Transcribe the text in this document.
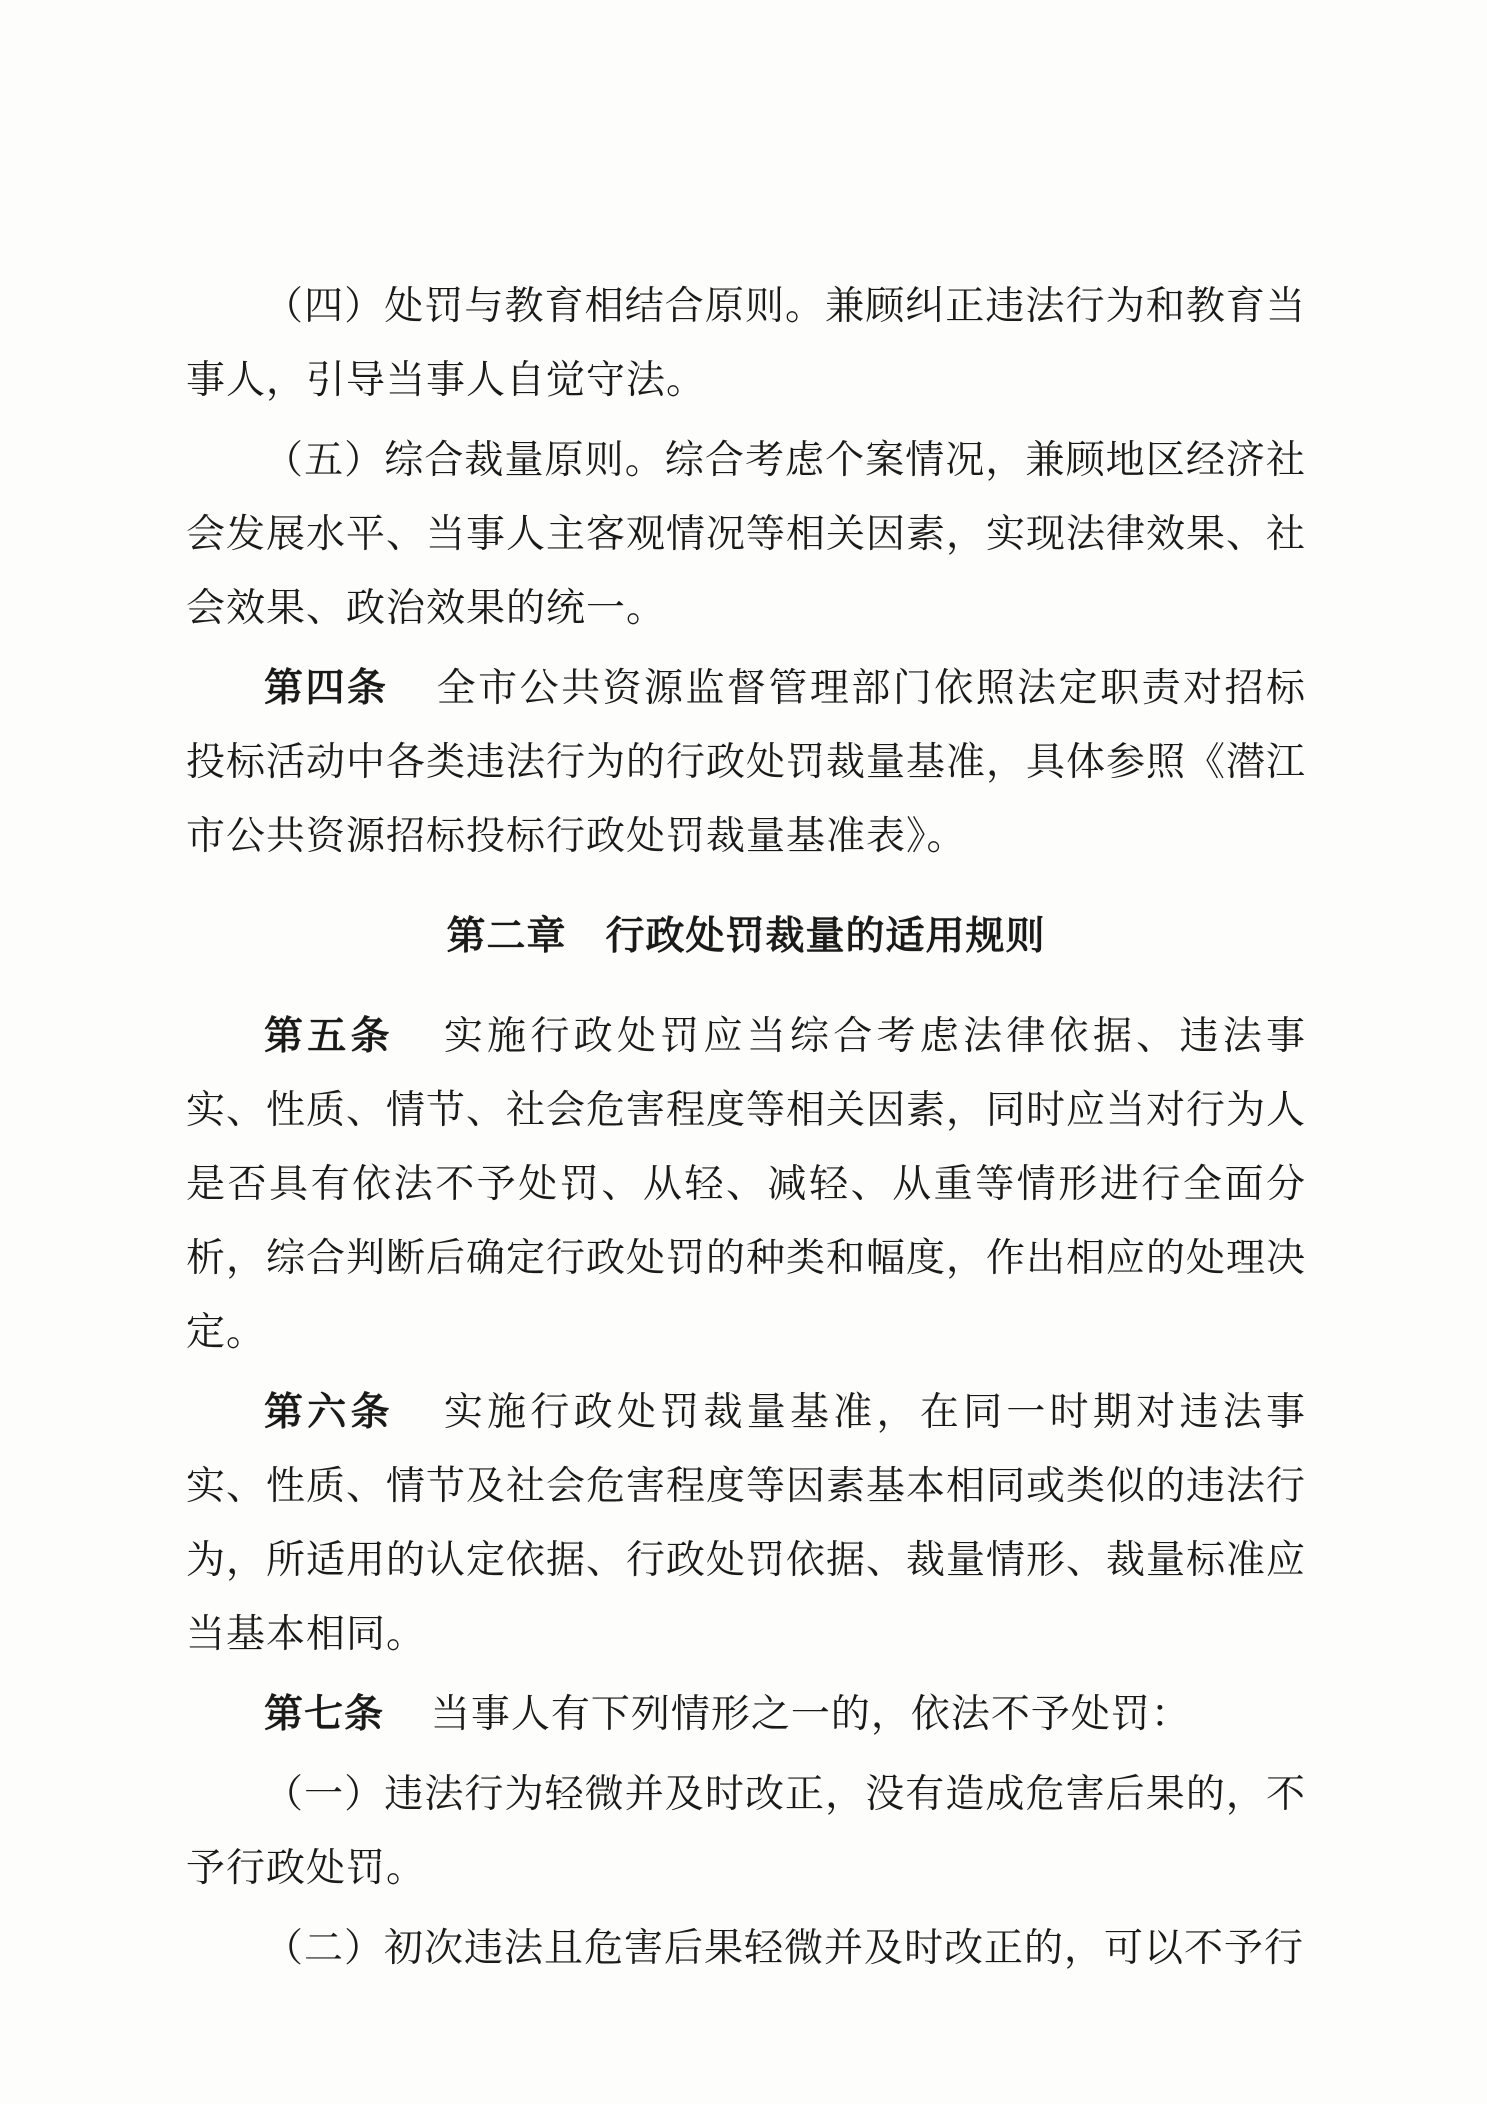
（四）处罚与教育相结合原则。兼顾纠正违法行为和教育当事人，引导当事人自觉守法。

（五）综合裁量原则。综合考虑个案情况，兼顾地区经济社会发展水平、当事人主客观情况等相关因素，实现法律效果、社会效果、政治效果的统一。

第四条 全市公共资源监督管理部门依照法定职责对招标投标活动中各类违法行为的行政处罚裁量基准，具体参照《潜江市公共资源招标投标行政处罚裁量基准表》。

第二章 行政处罚裁量的适用规则

第五条 实施行政处罚应当综合考虑法律依据、违法事实、性质、情节、社会危害程度等相关因素，同时应当对行为人是否具有依法不予处罚、从轻、减轻、从重等情形进行全面分析，综合判断后确定行政处罚的种类和幅度，作出相应的处理决定。

第六条 实施行政处罚裁量基准，在同一时期对违法事实、性质、情节及社会危害程度等因素基本相同或类似的违法行为，所适用的认定依据、行政处罚依据、裁量情形、裁量标准应当基本相同。

第七条 当事人有下列情形之一的，依法不予处罚：

（一）违法行为轻微并及时改正，没有造成危害后果的，不予行政处罚。

（二）初次违法且危害后果轻微并及时改正的，可以不予行
